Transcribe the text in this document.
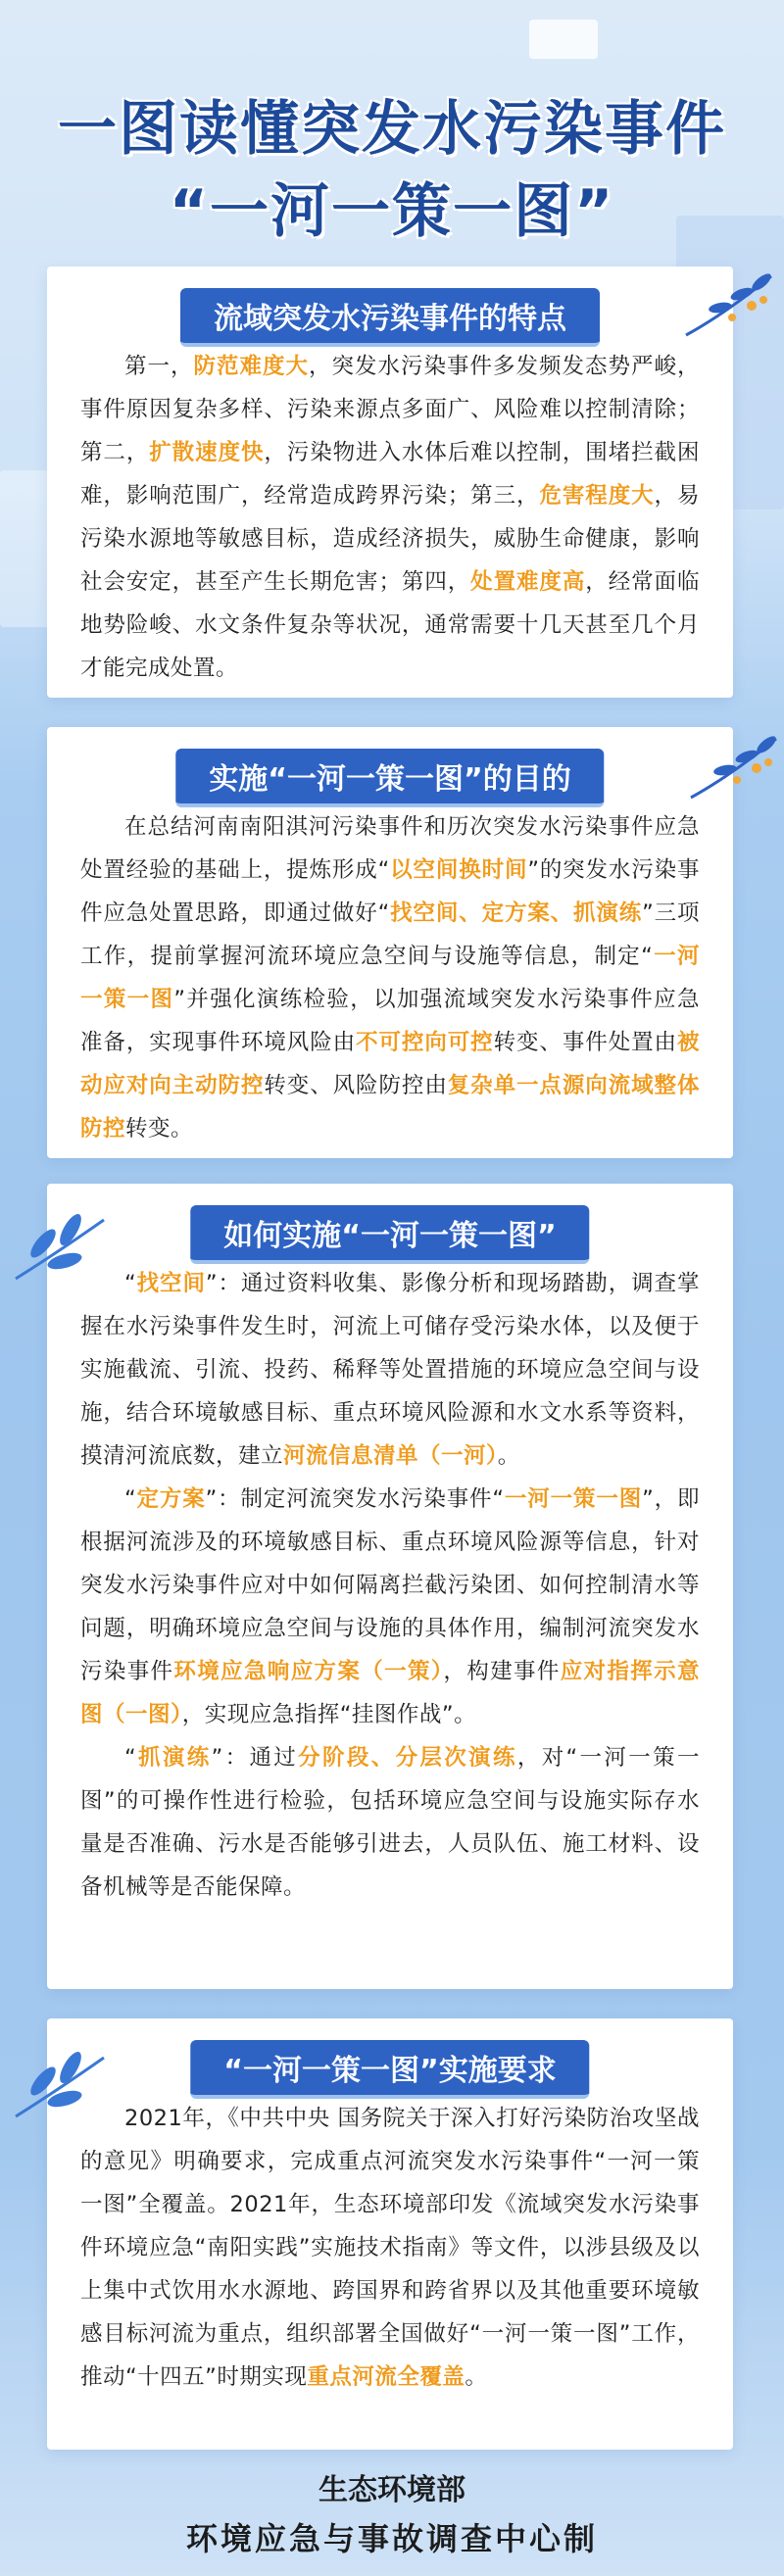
一图读懂突发水污染事件
“一河一策一图”
流域突发水污染事件的特点

第一，防范难度大，突发水污染事件多发频发态势严峻，事件原因复杂多样、污染来源点多面广、风险难以控制清除；第二，扩散速度快，污染物进入水体后难以控制，围堵拦截困难，影响范围广，经常造成跨界污染；第三，危害程度大，易污染水源地等敏感目标，造成经济损失，威胁生命健康，影响社会安定，甚至产生长期危害；第四，处置难度高，经常面临地势险峻、水文条件复杂等状况，通常需要十几天甚至几个月才能完成处置。

实施“一河一策一图”的目的

在总结河南南阳淇河污染事件和历次突发水污染事件应急处置经验的基础上，提炼形成“以空间换时间”的突发水污染事件应急处置思路，即通过做好“找空间、定方案、抓演练”三项工作，提前掌握河流环境应急空间与设施等信息，制定“一河一策一图”并强化演练检验，以加强流域突发水污染事件应急准备，实现事件环境风险由不可控向可控转变、事件处置由被动应对向主动防控转变、风险防控由复杂单一点源向流域整体防控转变。

如何实施“一河一策一图”

“找空间”：通过资料收集、影像分析和现场踏勘，调查掌握在水污染事件发生时，河流上可储存受污染水体，以及便于实施截流、引流、投药、稀释等处置措施的环境应急空间与设施，结合环境敏感目标、重点环境风险源和水文水系等资料，摸清河流底数，建立河流信息清单（一河）。

“定方案”：制定河流突发水污染事件“一河一策一图”，即根据河流涉及的环境敏感目标、重点环境风险源等信息，针对突发水污染事件应对中如何隔离拦截污染团、如何控制清水等问题，明确环境应急空间与设施的具体作用，编制河流突发水污染事件环境应急响应方案（一策），构建事件应对指挥示意图（一图），实现应急指挥“挂图作战”。

“抓演练”：通过分阶段、分层次演练，对“一河一策一图”的可操作性进行检验，包括环境应急空间与设施实际存水量是否准确、污水是否能够引进去，人员队伍、施工材料、设备机械等是否能保障。

“一河一策一图”实施要求

2021年，《中共中央 国务院关于深入打好污染防治攻坚战的意见》明确要求，完成重点河流突发水污染事件“一河一策一图”全覆盖。2021年，生态环境部印发《流域突发水污染事件环境应急“南阳实践”实施技术指南》等文件，以涉县级及以上集中式饮用水水源地、跨国界和跨省界以及其他重要环境敏感目标河流为重点，组织部署全国做好“一河一策一图”工作，推动“十四五”时期实现重点河流全覆盖。

生态环境部
环境应急与事故调查中心制
